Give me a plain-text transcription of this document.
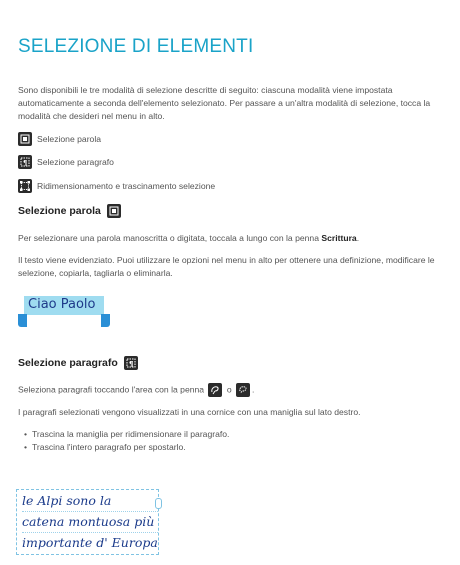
SELEZIONE DI ELEMENTI
Sono disponibili le tre modalità di selezione descritte di seguito: ciascuna modalità viene impostata automaticamente a seconda dell'elemento selezionato. Per passare a un'altra modalità di selezione, tocca la modalità che desideri nel menu in alto.
Selezione parola
¶ Selezione paragrafo
Ridimensionamento e trascinamento selezione
Selezione parola
Per selezionare una parola manoscritta o digitata, toccala a lungo con la penna Scrittura.
Il testo viene evidenziato. Puoi utilizzare le opzioni nel menu in alto per ottenere una definizione, modificare le selezione, copiarla, tagliarla o eliminarla.
Ciao Paolo
Selezione paragrafo ¶
Seleziona paragrafi toccando l'area con la penna	o .
I paragrafi selezionati vengono visualizzati in una cornice con una maniglia sul lato destro.
• Trascina la maniglia per ridimensionare il paragrafo.
• Trascina l'intero paragrafo per spostarlo.
le Alpi sono la
catena montuosa più
importante d' Europa
